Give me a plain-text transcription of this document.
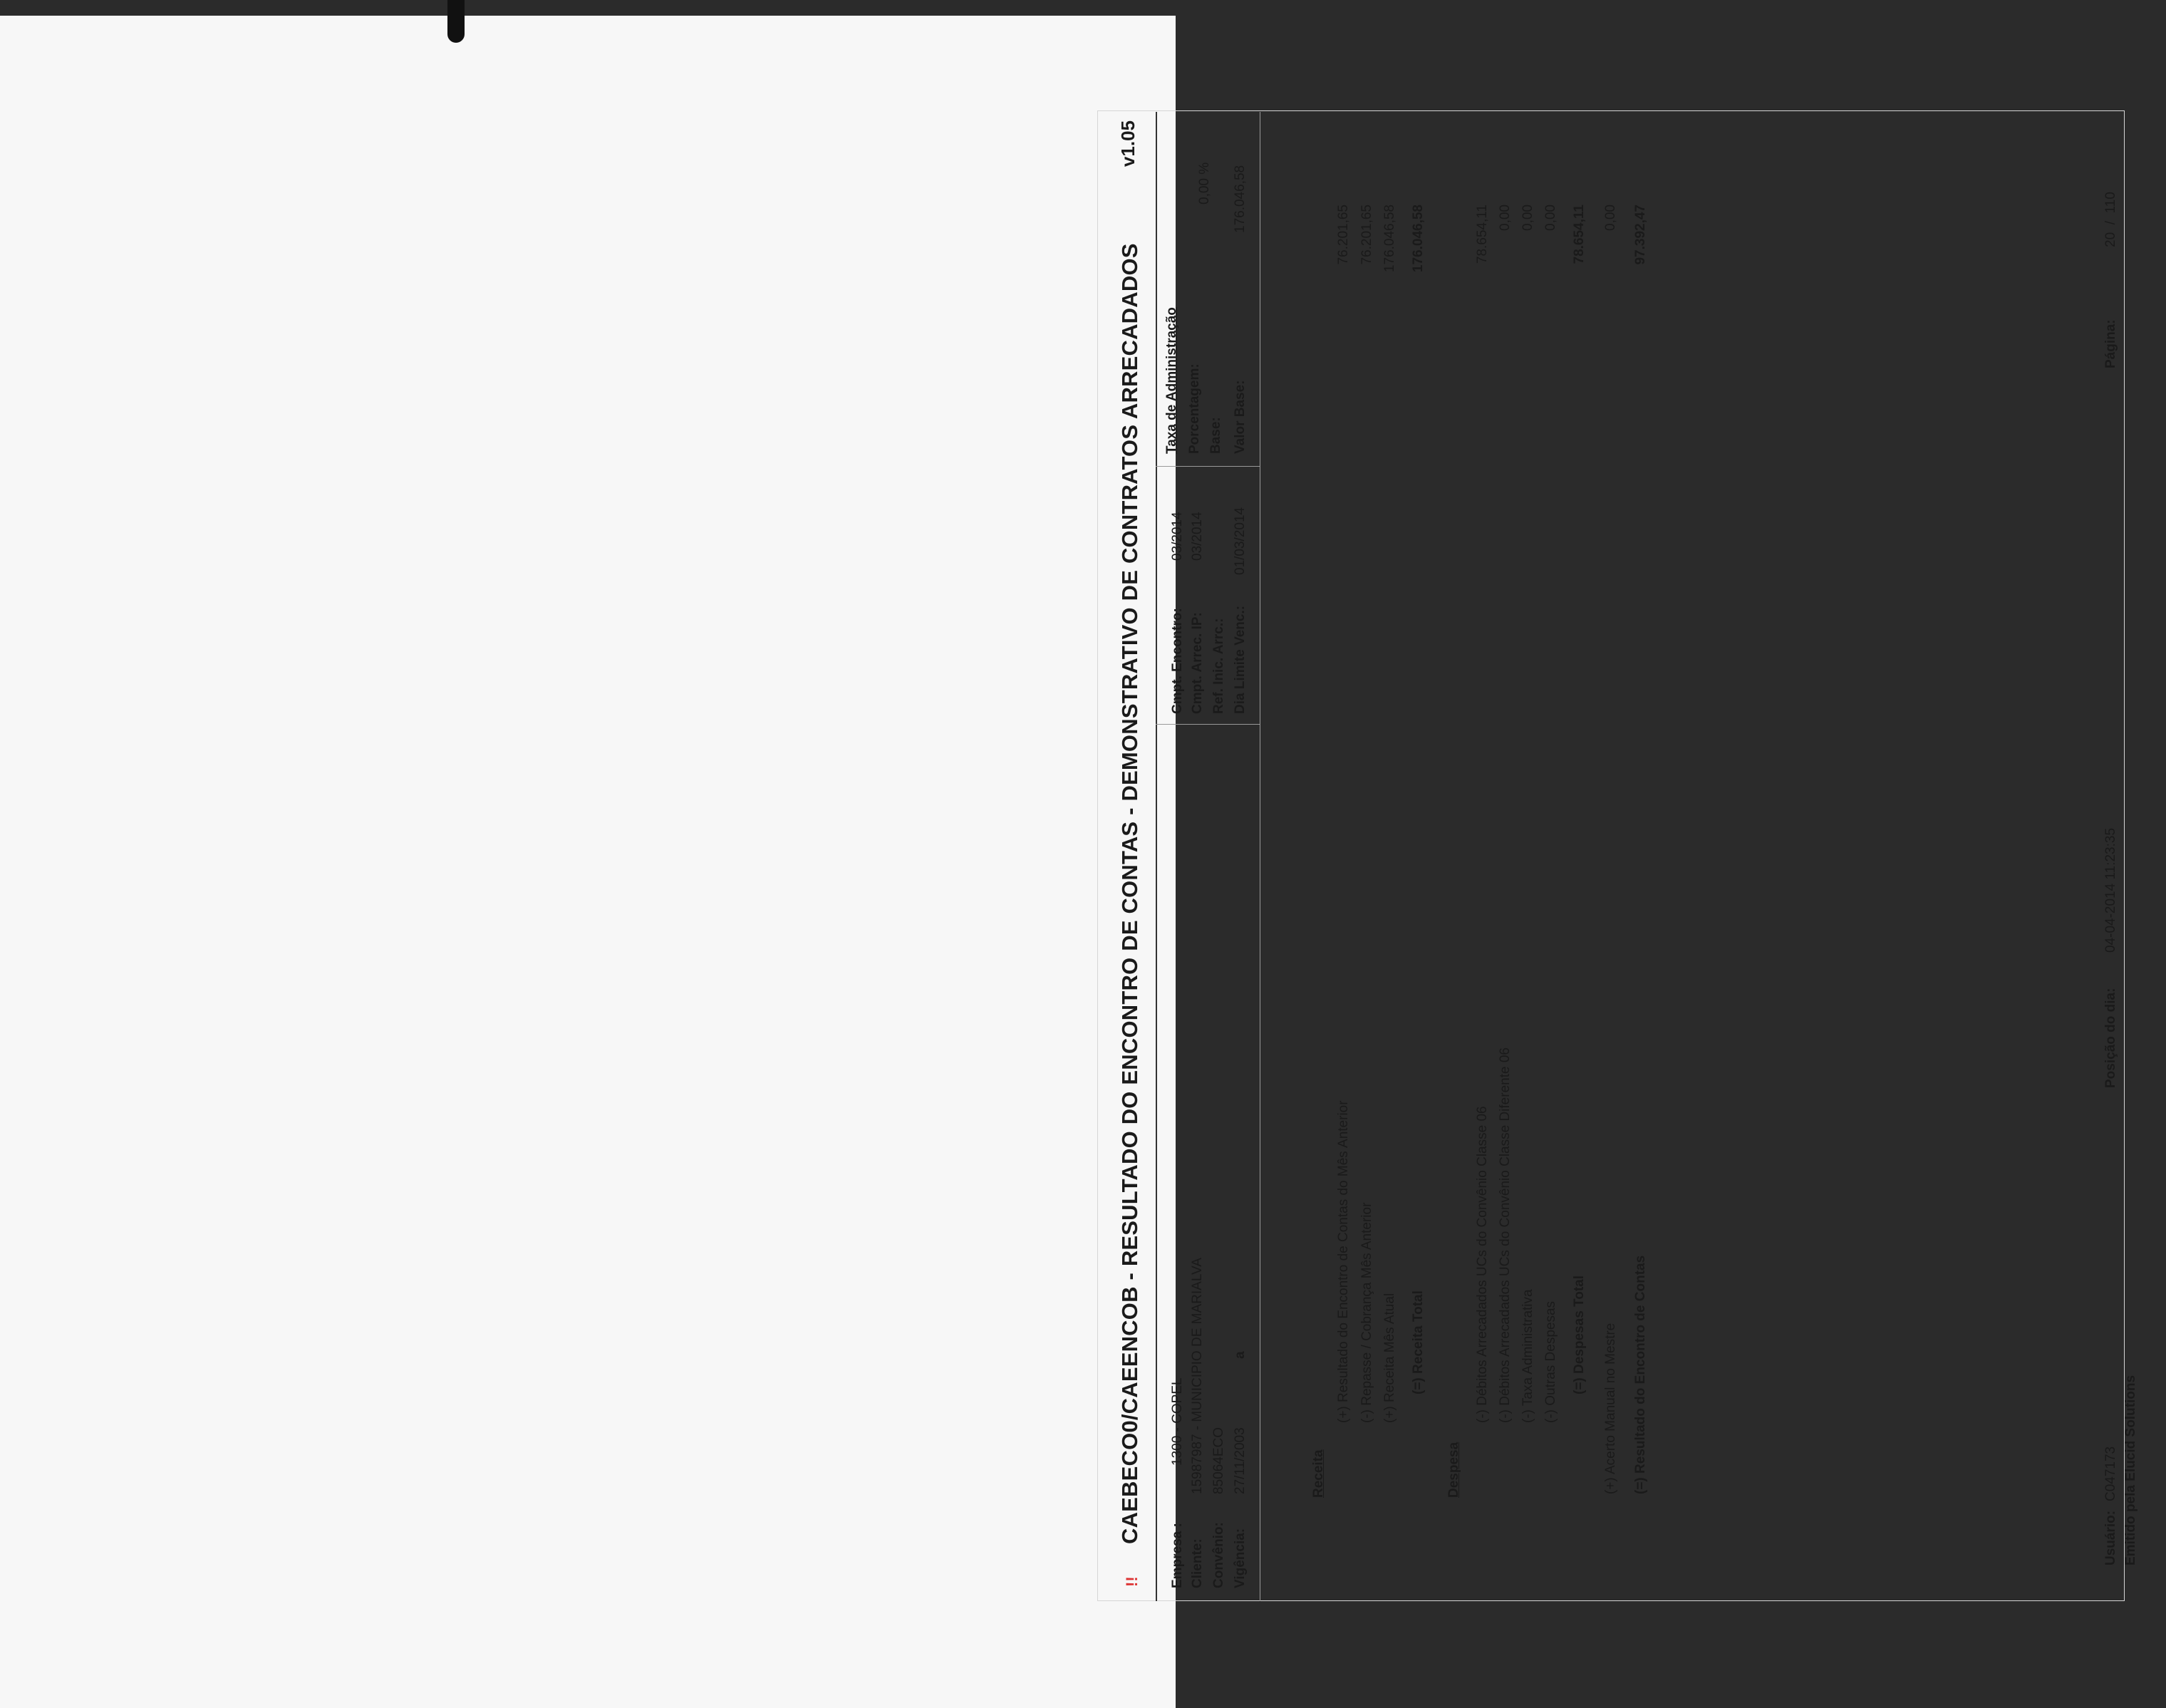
!!
CAEBECO0/CAEENCOB - RESULTADO DO ENCONTRO DE CONTAS - DEMONSTRATIVO DE CONTRATOS ARRECADADOS
v1.05
Empresa :
1300 - COPEL
Cliente:
15987987 - MUNICIPIO DE MARIALVA
Convênio:
85064ECO
Vigência:
27/11/2003
a
Cmpt. Encontro:
03/2014
Cmpt. Arrec. IP:
03/2014
Ref. Inic. Arrc.: Dia Limite Venc.:
01/03/2014
Taxa de Administração Porcentagem:
0,00 %
Base: Valor Base:
176.046,58
Receita
(+) Resultado do Encontro de Contas do Mês Anterior
76.201,65
(-) Repasse / Cobrança Mês Anterior
76.201,65
(+) Receita Mês Atual
176.046,58
(=) Receita Total
176.046,58
Despesa
(-) Débitos Arrecadados UCs do Convênio Classe 06
78.654,11
(-) Débitos Arrecadados UCs do Convênio Classe Diferente 06
0,00
(-) Taxa Administrativa
0,00
(-) Outras Despesas
0,00
(=) Despesas Total
78.654,11
(+) Acerto Manual no Mestre
0,00
(=) Resultado do Encontro de Contas
97.392,47
Usuário:
C047173 Emitido pela Elucid Solutions
Posição do dia:
04-04-2014 11:23:35
Página:
20  /  110
